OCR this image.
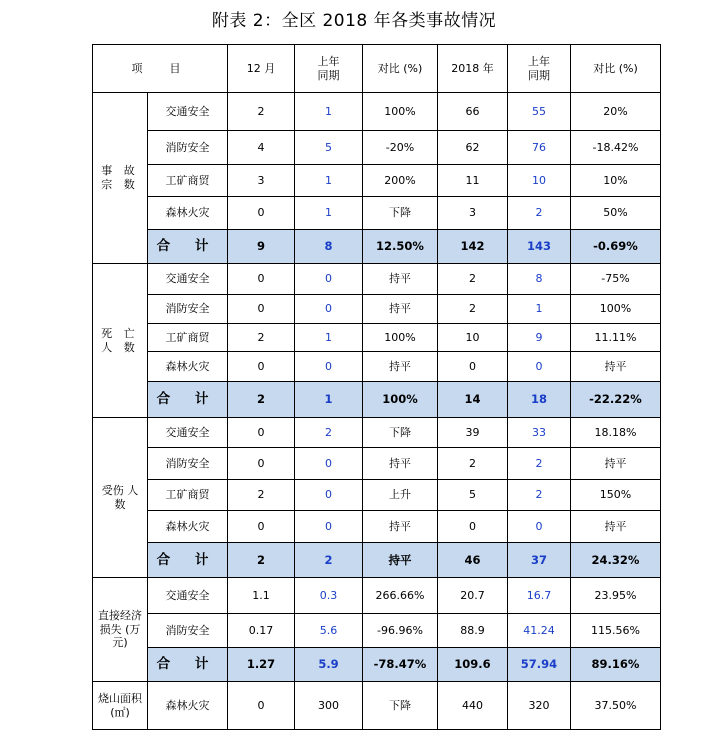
附表 2：全区 2018 年各类事故情况
项　目		12 月	上年同期	对比 (%)	2018 年	上年同期	对比 (%)

事 故 宗 数	交通安全	2	1	100%	66	55	20%
	消防安全	4	5	-20%	62	76	-18.42%
	工矿商贸	3	1	200%	11	10	10%
	森林火灾	0	1	下降	3	2	50%
	合 计	9	8	12.50%	142	143	-0.69%

死 亡 人 数	交通安全	0	0	持平	2	8	-75%
	消防安全	0	0	持平	2	1	100%
	工矿商贸	2	1	100%	10	9	11.11%
	森林火灾	0	0	持平	0	0	持平
	合 计	2	1	100%	14	18	-22.22%

受伤 人数	交通安全	0	2	下降	39	33	18.18%
	消防安全	0	0	持平	2	2	持平
	工矿商贸	2	0	上升	5	2	150%
	森林火灾	0	0	持平	0	0	持平
	合 计	2	2	持平	46	37	24.32%

直接经济损失 (万元)	交通安全	1.1	0.3	266.66%	20.7	16.7	23.95%
	消防安全	0.17	5.6	-96.96%	88.9	41.24	115.56%
	合 计	1.27	5.9	-78.47%	109.6	57.94	89.16%

烧山面积 (㎡)	森林火灾	0	300	下降	440	320	37.50%
